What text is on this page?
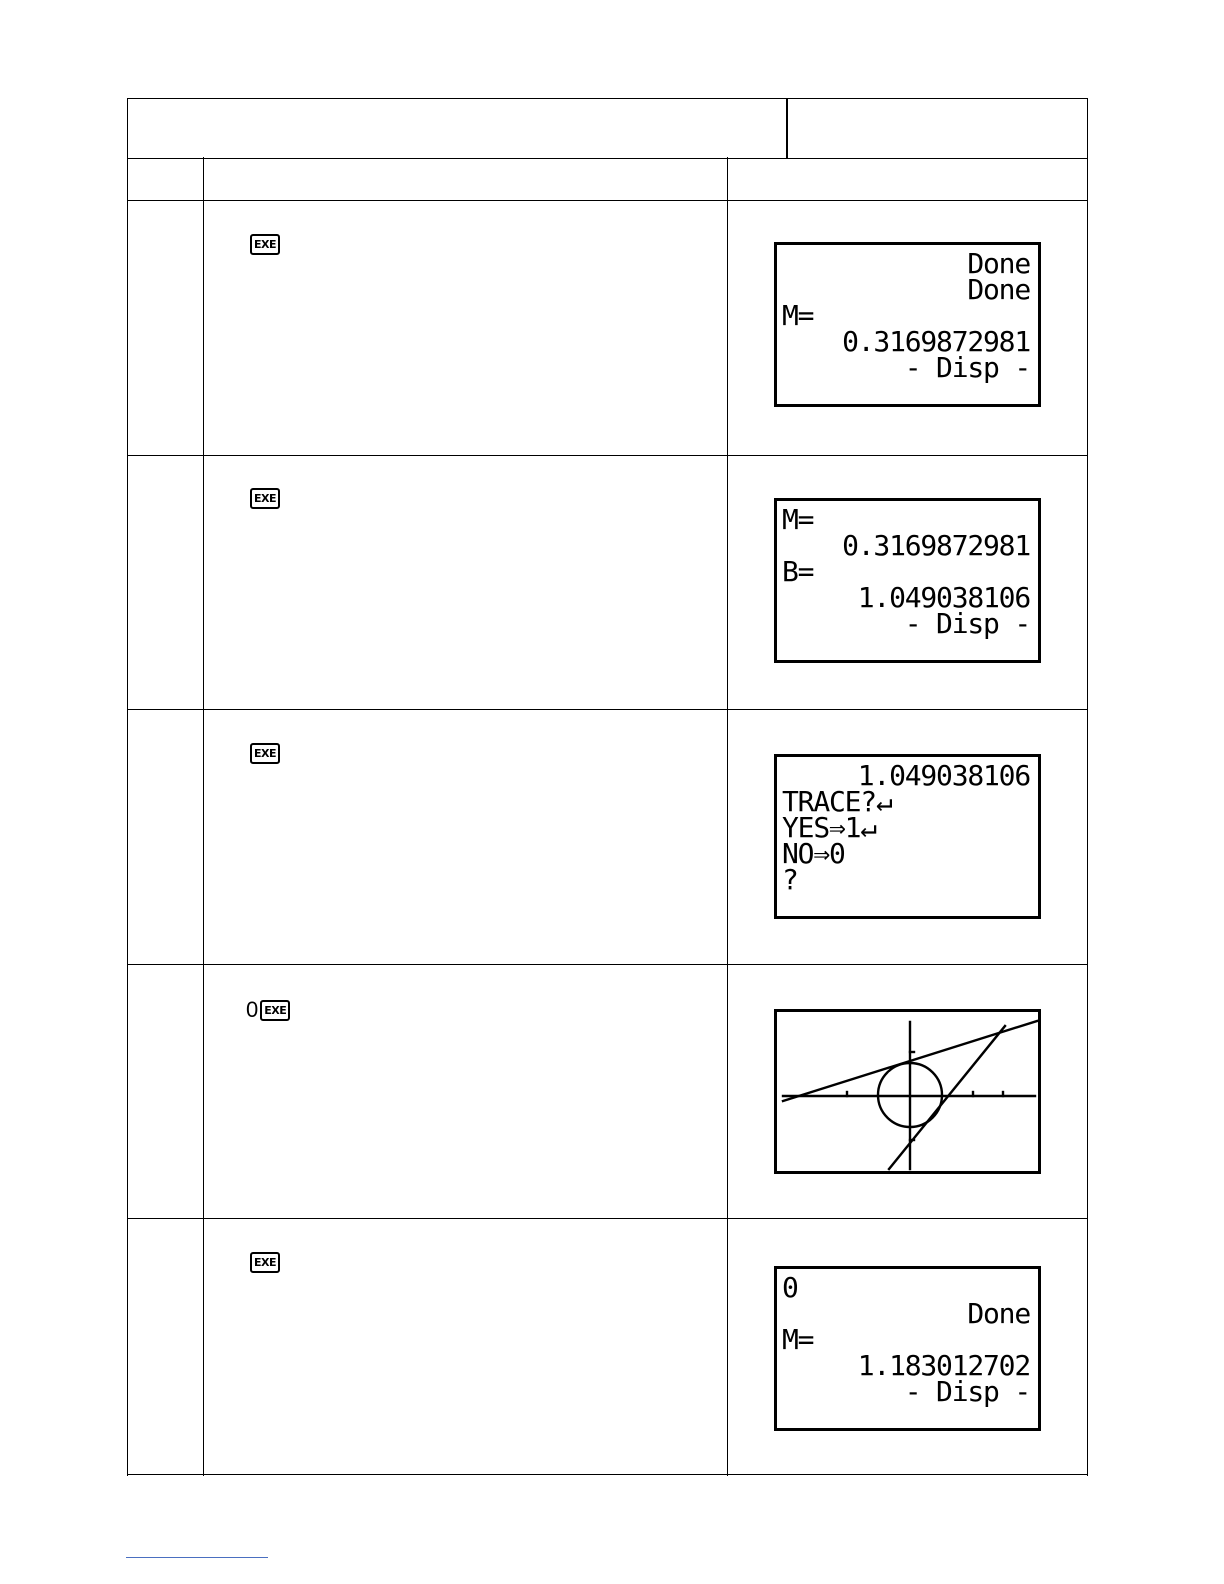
EXE
Done
Done
M=
0.3169872981
- Disp -
EXE
M=
0.3169872981
B=
1.049038106
- Disp -
EXE
1.049038106
TRACE?↵
YES⇒1↵
NO⇒0
?
0 EXE
EXE
0
Done
M=
1.183012702
- Disp -
